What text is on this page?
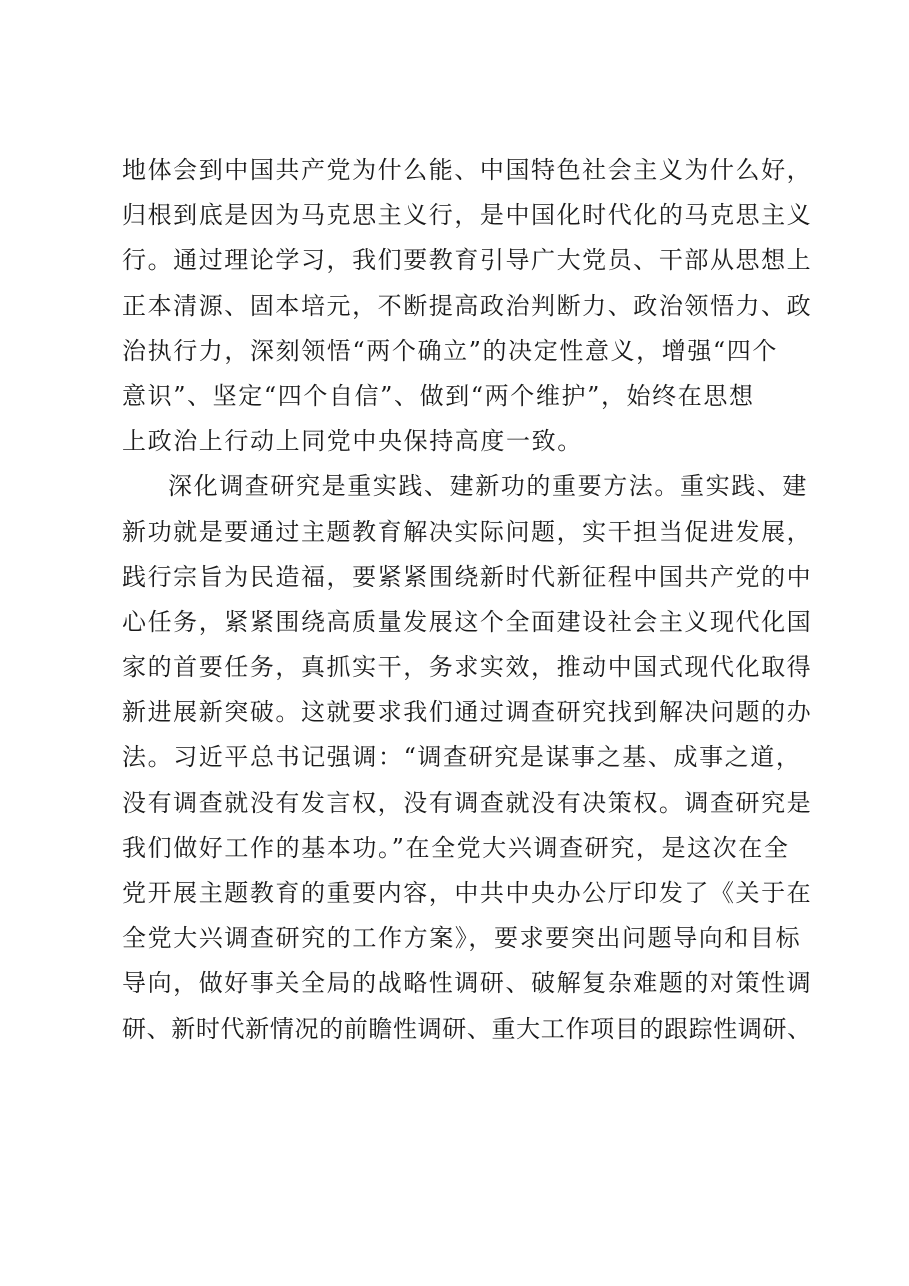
地体会到中国共产党为什么能、中国特色社会主义为什么好，
归根到底是因为马克思主义行，是中国化时代化的马克思主义
行。通过理论学习，我们要教育引导广大党员、干部从思想上
正本清源、固本培元，不断提高政治判断力、政治领悟力、政
治执行力，深刻领悟“两个确立”的决定性意义，增强“四个
意识”、坚定“四个自信”、做到“两个维护”，始终在思想
上政治上行动上同党中央保持高度一致。
深化调查研究是重实践、建新功的重要方法。重实践、建
新功就是要通过主题教育解决实际问题，实干担当促进发展，
践行宗旨为民造福，要紧紧围绕新时代新征程中国共产党的中
心任务，紧紧围绕高质量发展这个全面建设社会主义现代化国
家的首要任务，真抓实干，务求实效，推动中国式现代化取得
新进展新突破。这就要求我们通过调查研究找到解决问题的办
法。习近平总书记强调：“调查研究是谋事之基、成事之道，
没有调查就没有发言权，没有调查就没有决策权。调查研究是
我们做好工作的基本功。”在全党大兴调查研究，是这次在全
党开展主题教育的重要内容，中共中央办公厅印发了《关于在
全党大兴调查研究的工作方案》，要求要突出问题导向和目标
导向，做好事关全局的战略性调研、破解复杂难题的对策性调
研、新时代新情况的前瞻性调研、重大工作项目的跟踪性调研、
